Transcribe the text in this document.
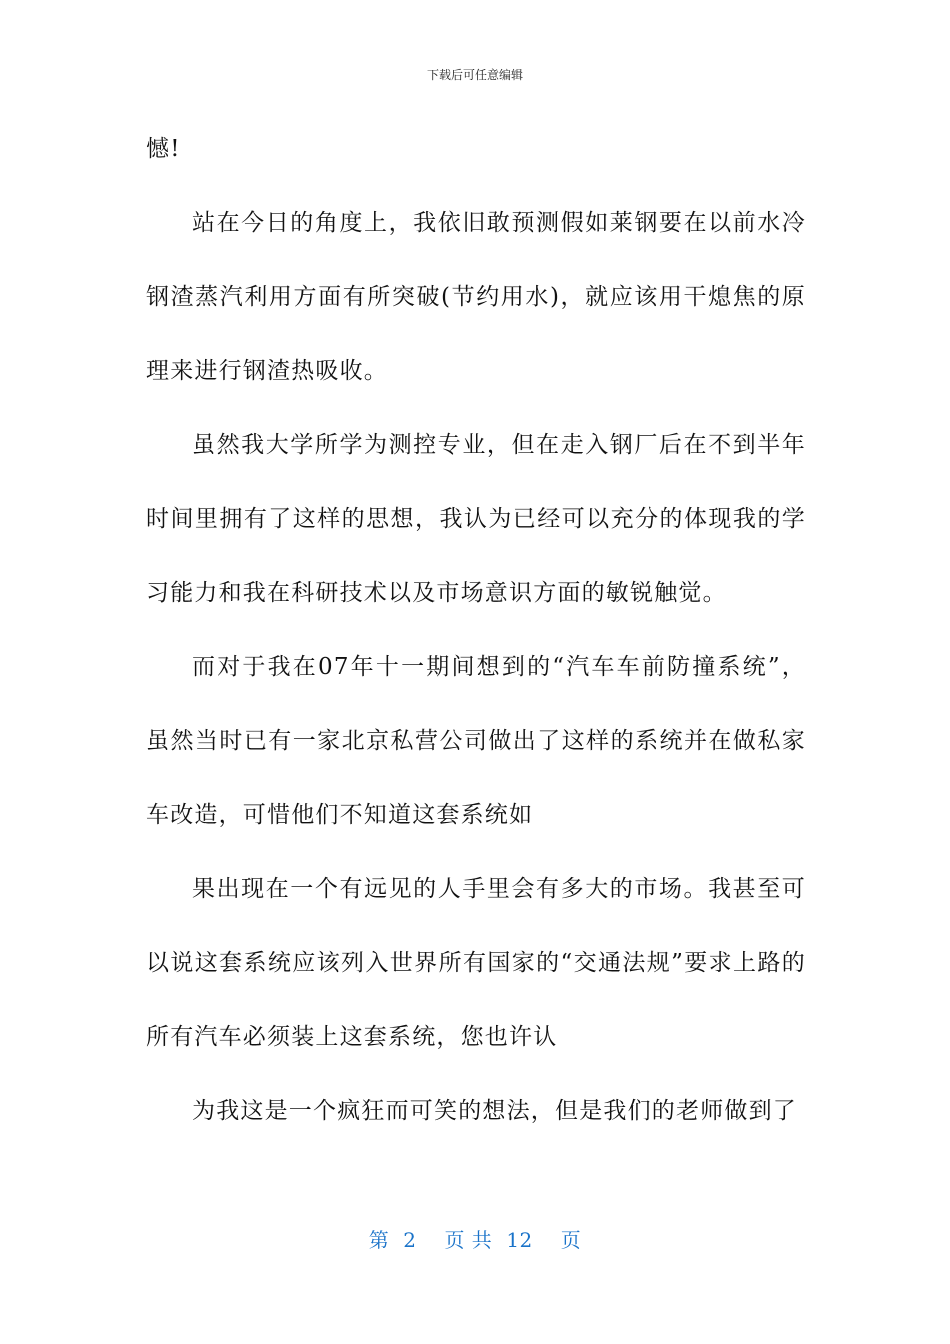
下载后可任意编辑

憾!

站在今日的角度上，我依旧敢预测假如莱钢要在以前水冷钢渣蒸汽利用方面有所突破(节约用水)，就应该用干熄焦的原理来进行钢渣热吸收。

虽然我大学所学为测控专业，但在走入钢厂后在不到半年时间里拥有了这样的思想，我认为已经可以充分的体现我的学习能力和我在科研技术以及市场意识方面的敏锐触觉。

而对于我在07年十一期间想到的“汽车车前防撞系统”，虽然当时已有一家北京私营公司做出了这样的系统并在做私家车改造，可惜他们不知道这套系统如

果出现在一个有远见的人手里会有多大的市场。我甚至可以说这套系统应该列入世界所有国家的“交通法规”要求上路的所有汽车必须装上这套系统，您也许认

为我这是一个疯狂而可笑的想法，但是我们的老师做到了

第 2 页 共 12 页
